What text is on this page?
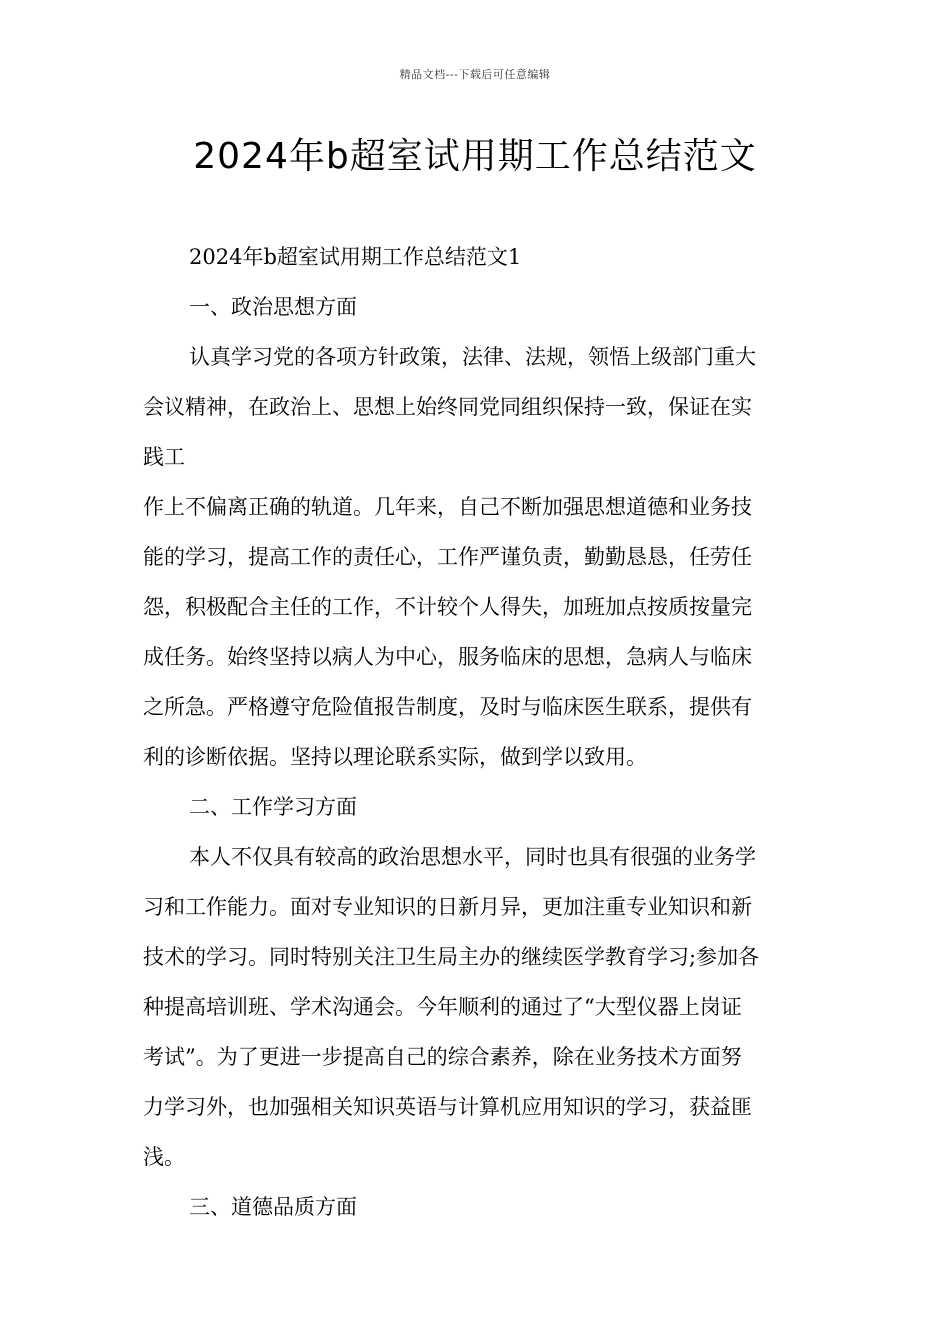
精品文档---下载后可任意编辑
2024年b超室试用期工作总结范文
2024年b超室试用期工作总结范文1
一、政治思想方面
认真学习党的各项方针政策，法律、法规，领悟上级部门重大
会议精神，在政治上、思想上始终同党同组织保持一致，保证在实
践工
作上不偏离正确的轨道。几年来，自己不断加强思想道德和业务技
能的学习，提高工作的责任心，工作严谨负责，勤勤恳恳，任劳任
怨，积极配合主任的工作，不计较个人得失，加班加点按质按量完
成任务。始终坚持以病人为中心，服务临床的思想，急病人与临床
之所急。严格遵守危险值报告制度，及时与临床医生联系，提供有
利的诊断依据。坚持以理论联系实际，做到学以致用。
二、工作学习方面
本人不仅具有较高的政治思想水平，同时也具有很强的业务学
习和工作能力。面对专业知识的日新月异，更加注重专业知识和新
技术的学习。同时特别关注卫生局主办的继续医学教育学习;参加各
种提高培训班、学术沟通会。今年顺利的通过了“大型仪器上岗证
考试”。为了更进一步提高自己的综合素养，除在业务技术方面努
力学习外，也加强相关知识英语与计算机应用知识的学习，获益匪
浅。
三、道德品质方面
